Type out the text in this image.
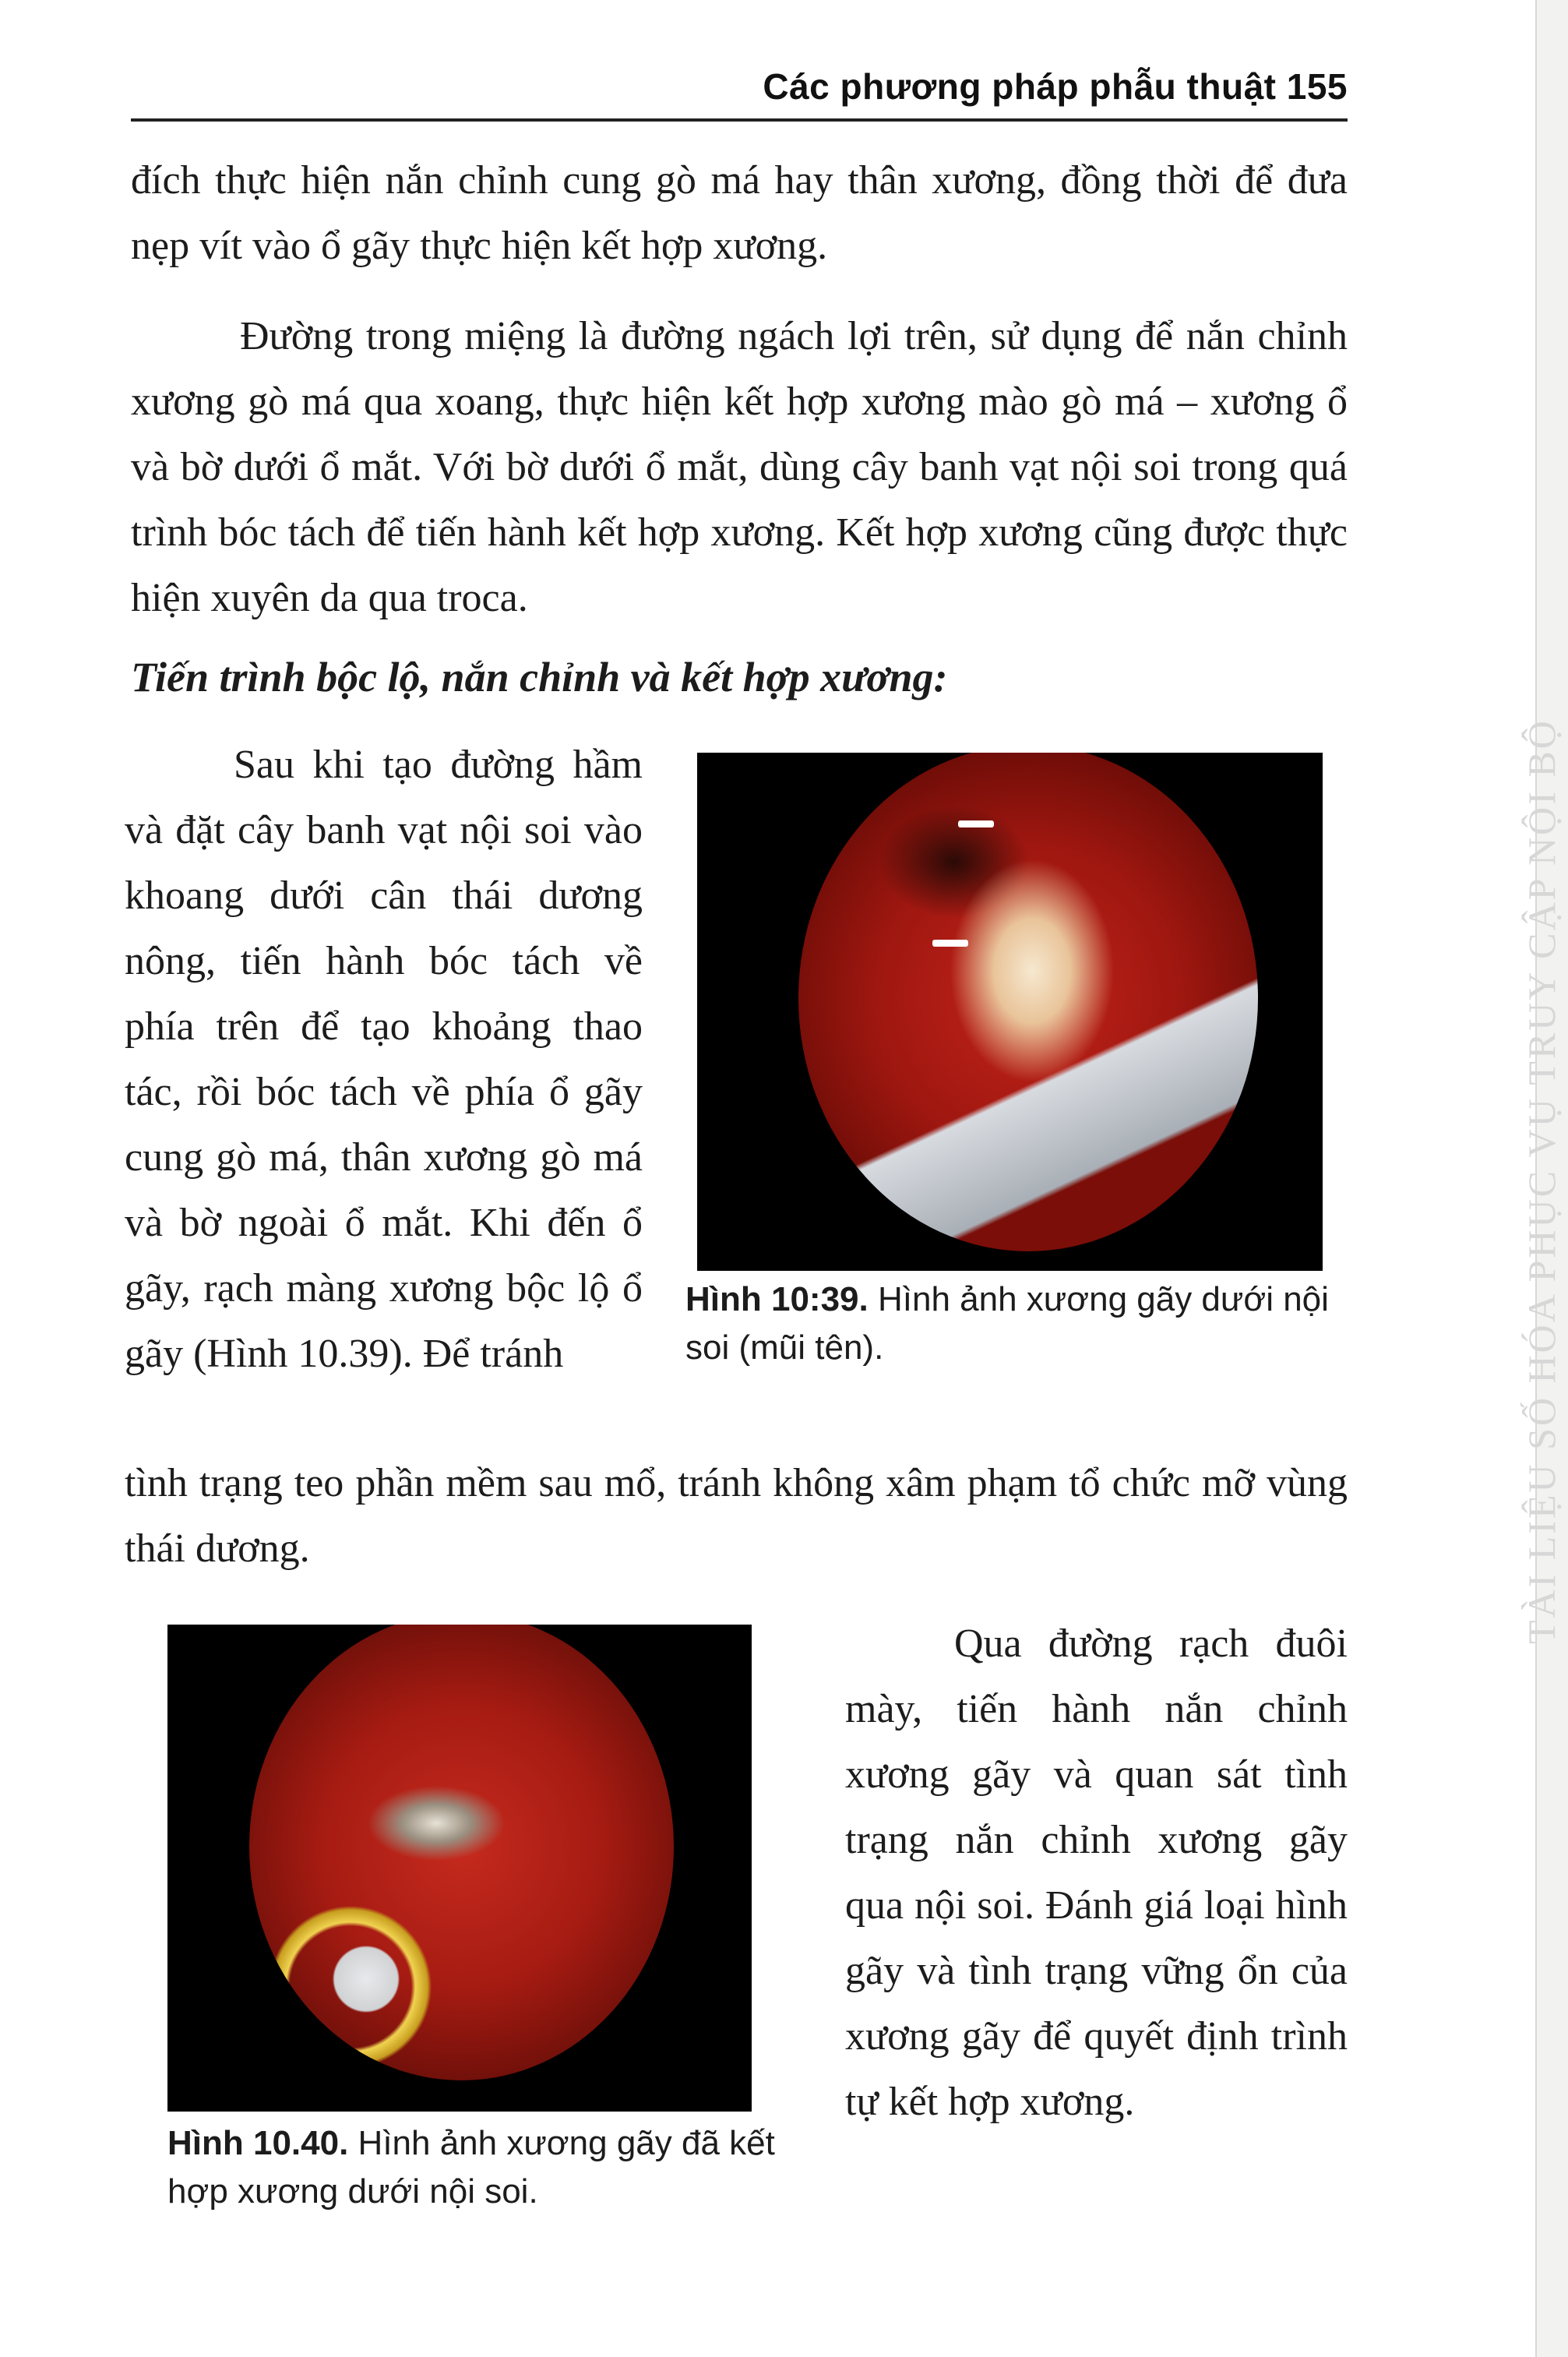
Các phương pháp phẫu thuật 155

đích thực hiện nắn chỉnh cung gò má hay thân xương, đồng thời để đưa nẹp vít vào ổ gãy thực hiện kết hợp xương.

Đường trong miệng là đường ngách lợi trên, sử dụng để nắn chỉnh xương gò má qua xoang, thực hiện kết hợp xương mào gò má – xương ổ và bờ dưới ổ mắt. Với bờ dưới ổ mắt, dùng cây banh vạt nội soi trong quá trình bóc tách để tiến hành kết hợp xương. Kết hợp xương cũng được thực hiện xuyên da qua troca.

Tiến trình bộc lộ, nắn chỉnh và kết hợp xương:

Sau khi tạo đường hầm và đặt cây banh vạt nội soi vào khoang dưới cân thái dương nông, tiến hành bóc tách về phía trên để tạo khoảng thao tác, rồi bóc tách về phía ổ gãy cung gò má, thân xương gò má và bờ ngoài ổ mắt. Khi đến ổ gãy, rạch màng xương bộc lộ ổ gãy (Hình 10.39). Để tránh

tình trạng teo phần mềm sau mổ, tránh không xâm phạm tổ chức mỡ vùng thái dương.

Hình 10:39. Hình ảnh xương gãy dưới nội soi (mũi tên).

Hình 10.40. Hình ảnh xương gãy đã kết hợp xương dưới nội soi.

Qua đường rạch đuôi mày, tiến hành nắn chỉnh xương gãy và quan sát tình trạng nắn chỉnh xương gãy qua nội soi. Đánh giá loại hình gãy và tình trạng vững ổn của xương gãy để quyết định trình tự kết hợp xương.

TÀI LIỆU SỐ HÓA PHỤC VỤ TRUY CẬP NỘI BỘ
